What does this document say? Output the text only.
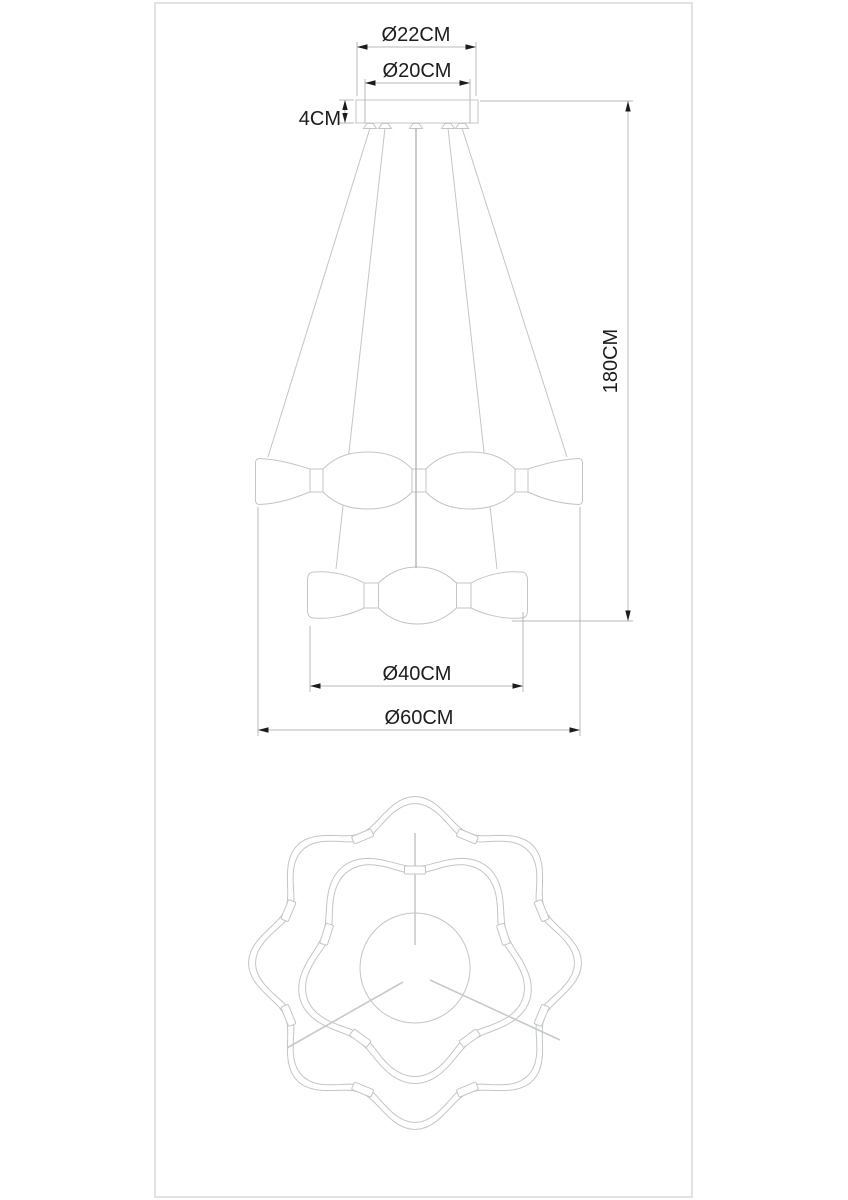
Ø22CM
Ø20CM
4CM
180CM
Ø40CM
Ø60CM
